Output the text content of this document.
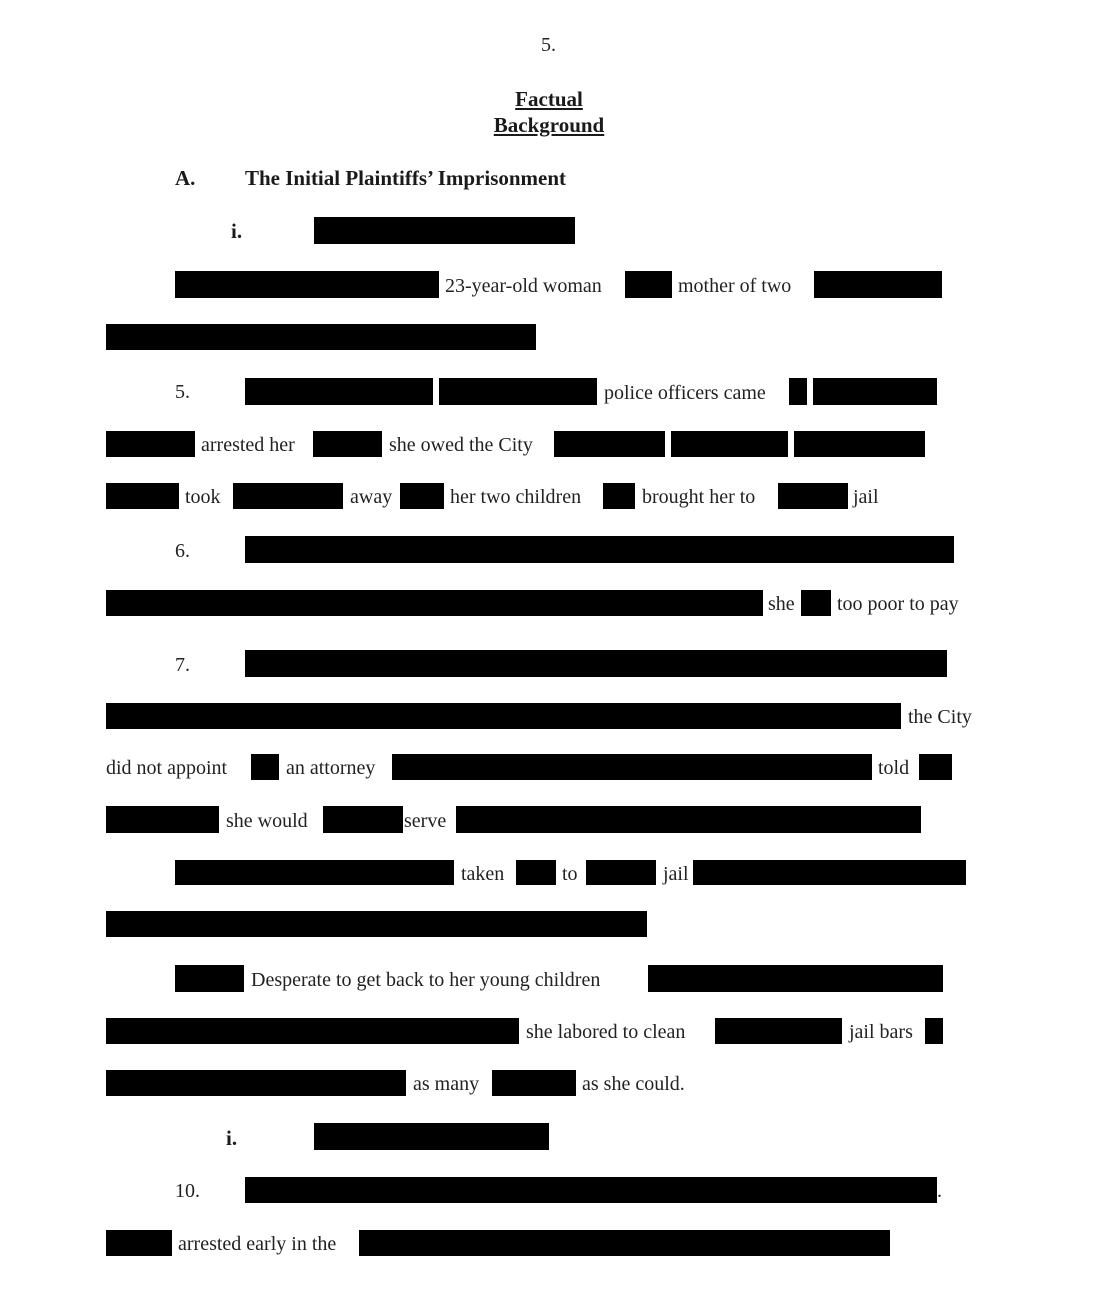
5.
Factual
Background
A. The Initial Plaintiffs’ Imprisonment
i.
23-year-old woman	mother of two
5.	police officers came
arrested her	she owed the City
took	away	her two children	brought her to	jail
6.
she too poor to pay
7.
the City
did not appoint	an attorney	told
she would	serve
taken	to	jail
Desperate to get back to her young children
she labored to clean	jail bars
as many	as she could.
i.
10.	.
arrested early in the
